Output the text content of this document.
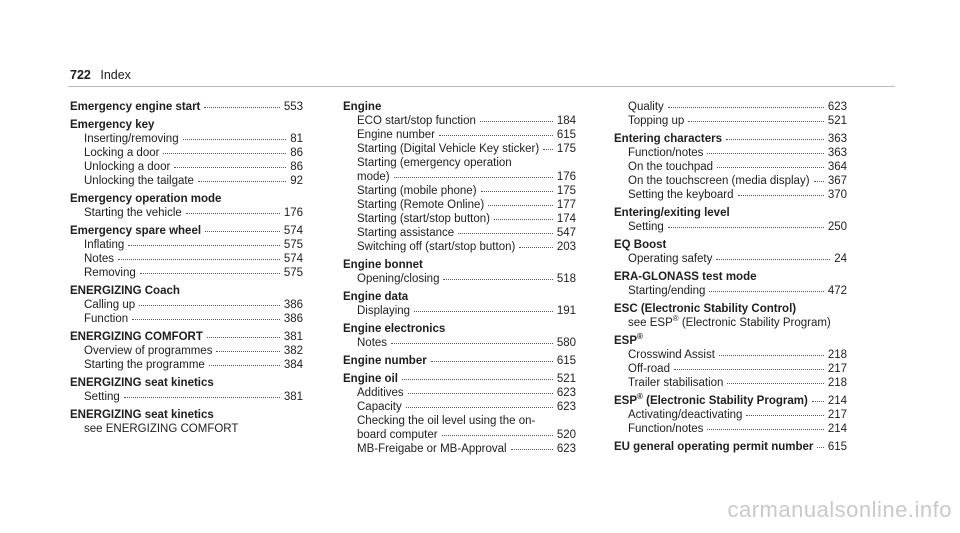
722 Index
Emergency engine start	553
Emergency key
Inserting/removing	81
Locking a door	86
Unlocking a door	86
Unlocking the tailgate	92
Emergency operation mode
Starting the vehicle	176
Emergency spare wheel	574
Inflating	575
Notes	574
Removing	575
ENERGIZING Coach
Calling up	386
Function	386
ENERGIZING COMFORT	381
Overview of programmes	382
Starting the programme	384
ENERGIZING seat kinetics
Setting	381
ENERGIZING seat kinetics
see ENERGIZING COMFORT
Engine
ECO start/stop function	184
Engine number	615
Starting (Digital Vehicle Key sticker) 175
Starting (emergency operation
mode)	176
Starting (mobile phone)	175
Starting (Remote Online)	177
Starting (start/stop button)	174
Starting assistance	547
Switching off (start/stop button)	203
Engine bonnet
Opening/closing	518
Engine data
Displaying	191
Engine electronics
Notes	580
Engine number	615
Engine oil	521
Additives	623
Capacity	623
Checking the oil level using the on-
board computer	520
MB-Freigabe or MB-Approval	623
Quality	623
Topping up	521
Entering characters	363
Function/notes	363
On the touchpad	364
On the touchscreen (media display) 367
Setting the keyboard	370
Entering/exiting level
Setting	250
EQ Boost
Operating safety	24
ERA-GLONASS test mode
Starting/ending	472
ESC (Electronic Stability Control)
see ESP® (Electronic Stability Program)
ESP®
Crosswind Assist	218
Off-road	217
Trailer stabilisation	218
ESP® (Electronic Stability Program) 214
Activating/deactivating	217
Function/notes	214
EU general operating permit number 615
carmanualsonline.info
